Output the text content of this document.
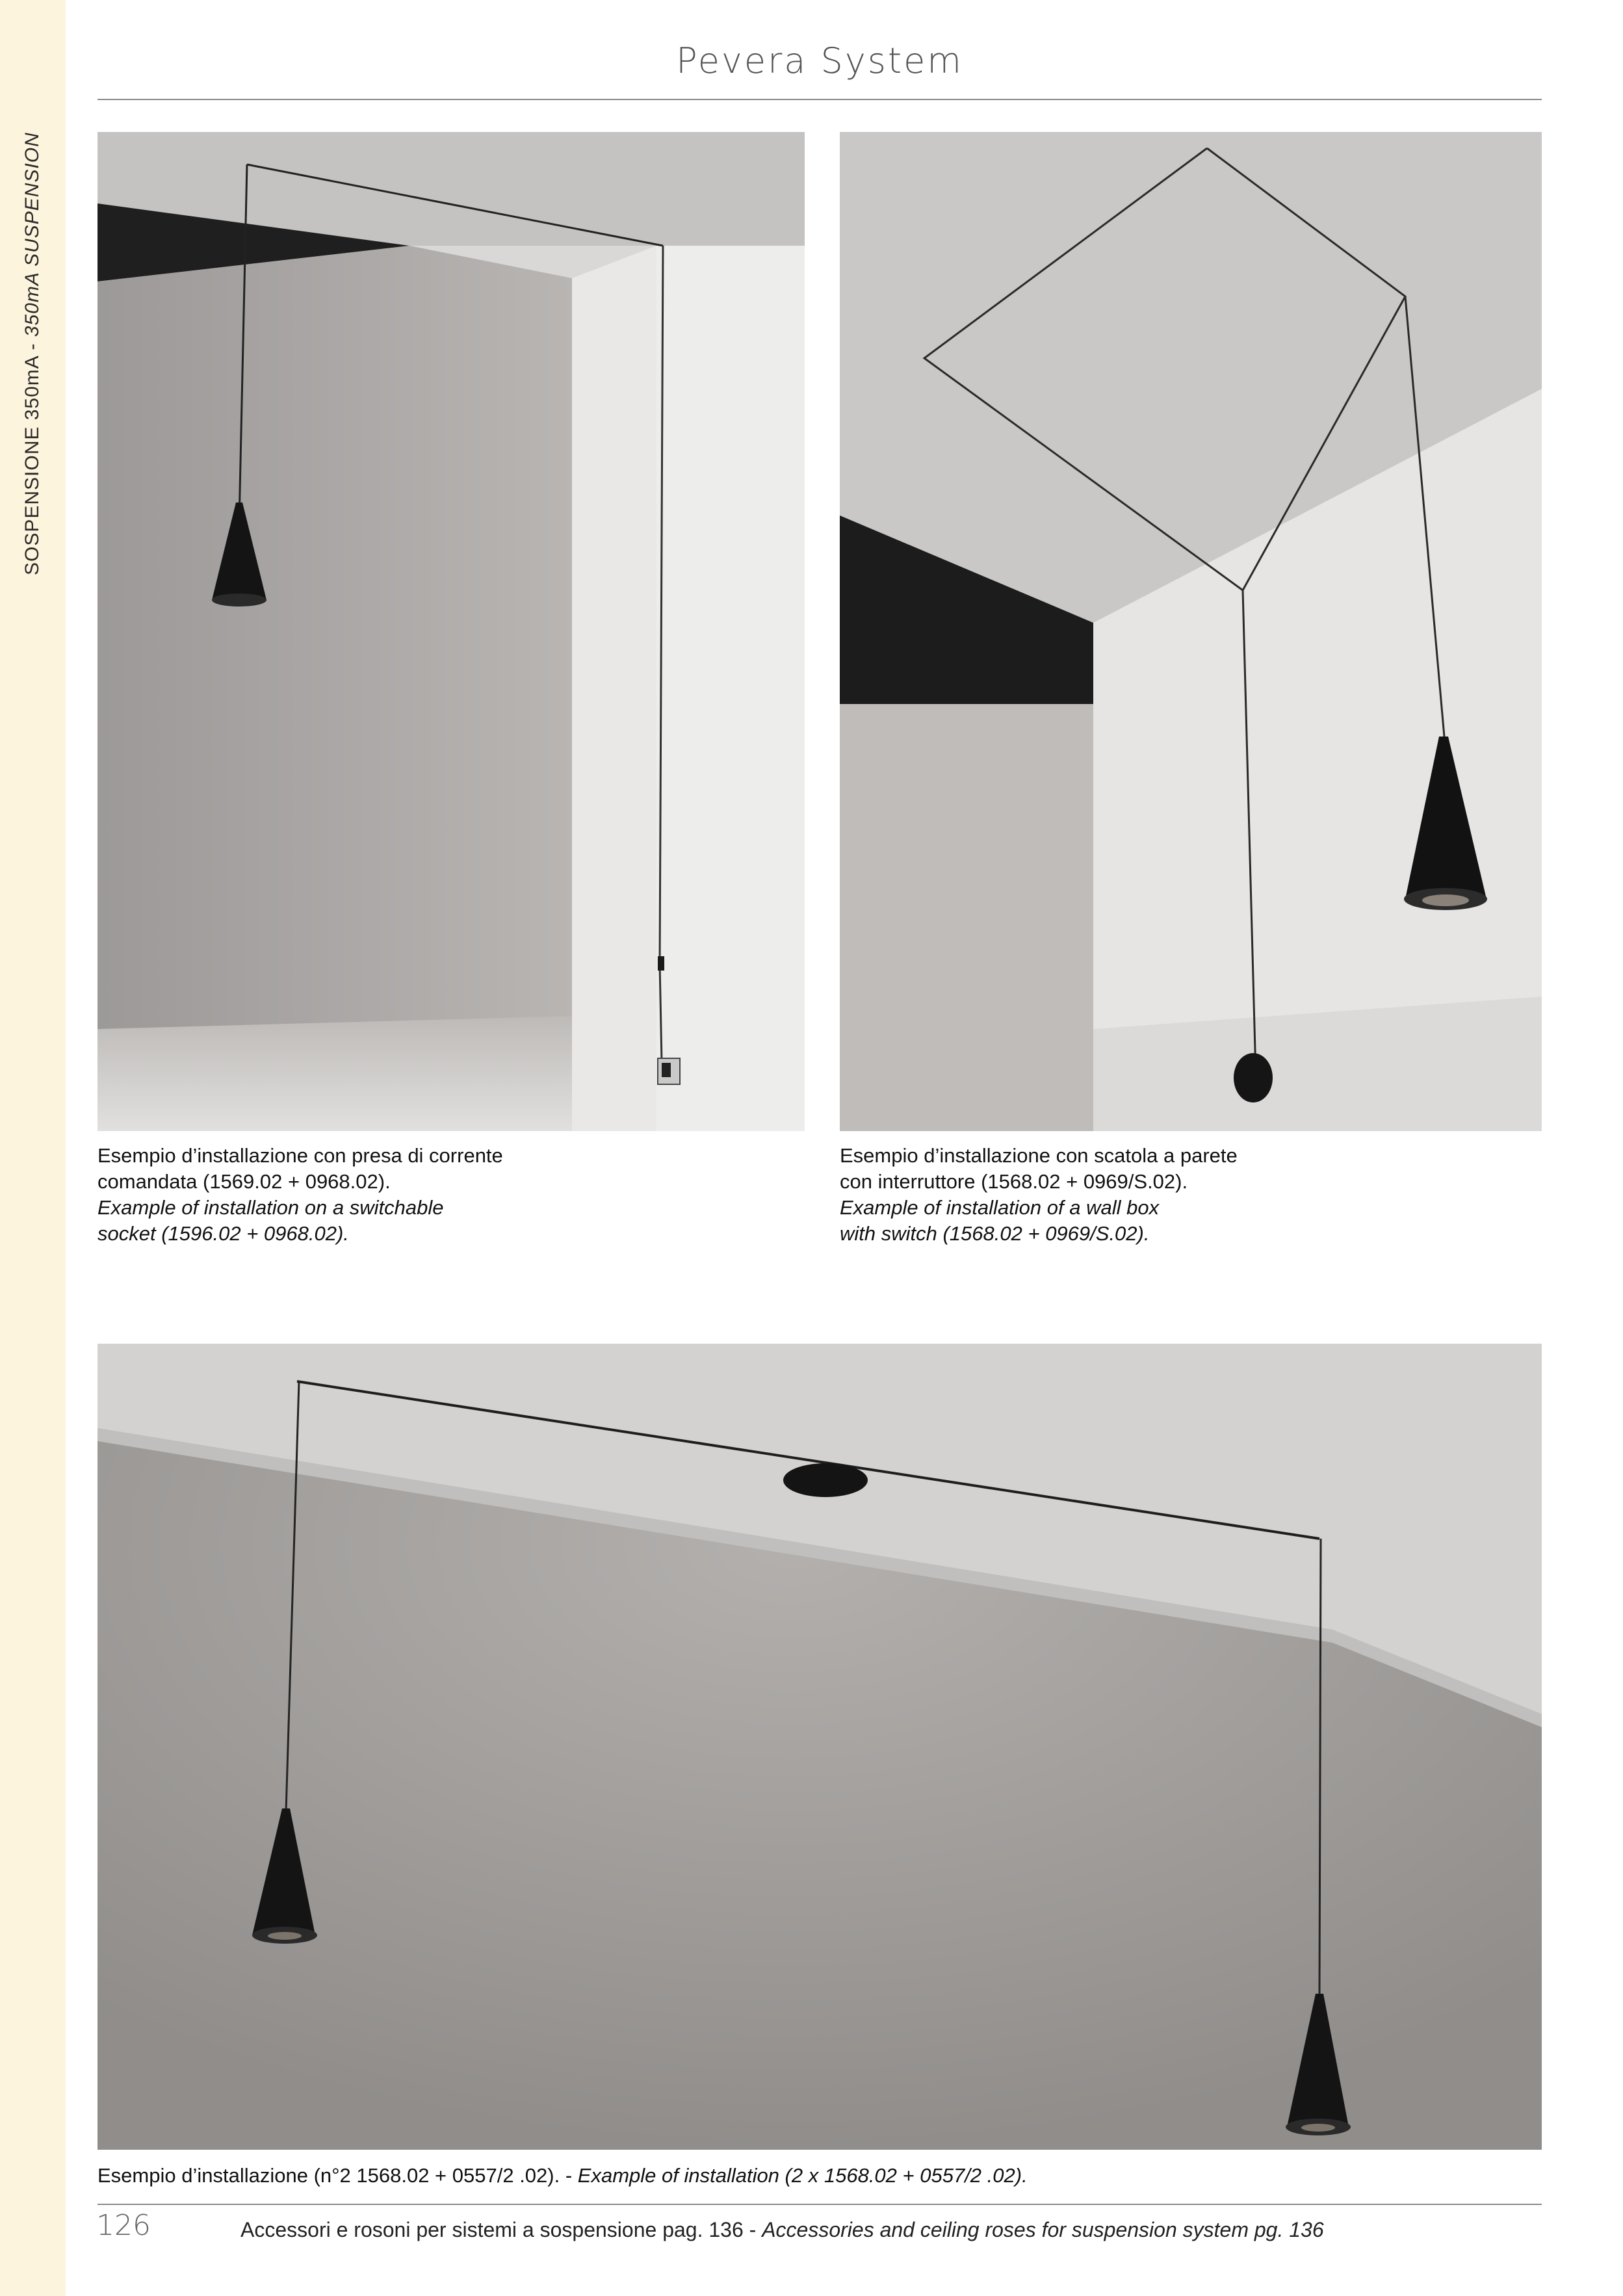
SOSPENSIONE 350mA - 350mA SUSPENSION
Pevera System
Esempio d’installazione con presa di corrente
comandata (1569.02 + 0968.02).
Example of installation on a switchable
socket (1596.02 + 0968.02).
Esempio d’installazione con scatola a parete
con interruttore (1568.02 + 0969/S.02).
Example of installation of a wall box
with switch (1568.02 + 0969/S.02).
Esempio d’installazione (n°2 1568.02 + 0557/2 .02). - Example of installation (2 x 1568.02 + 0557/2 .02).
126	Accessori e rosoni per sistemi a sospensione pag. 136 - Accessories and ceiling roses for suspension system pg. 136
